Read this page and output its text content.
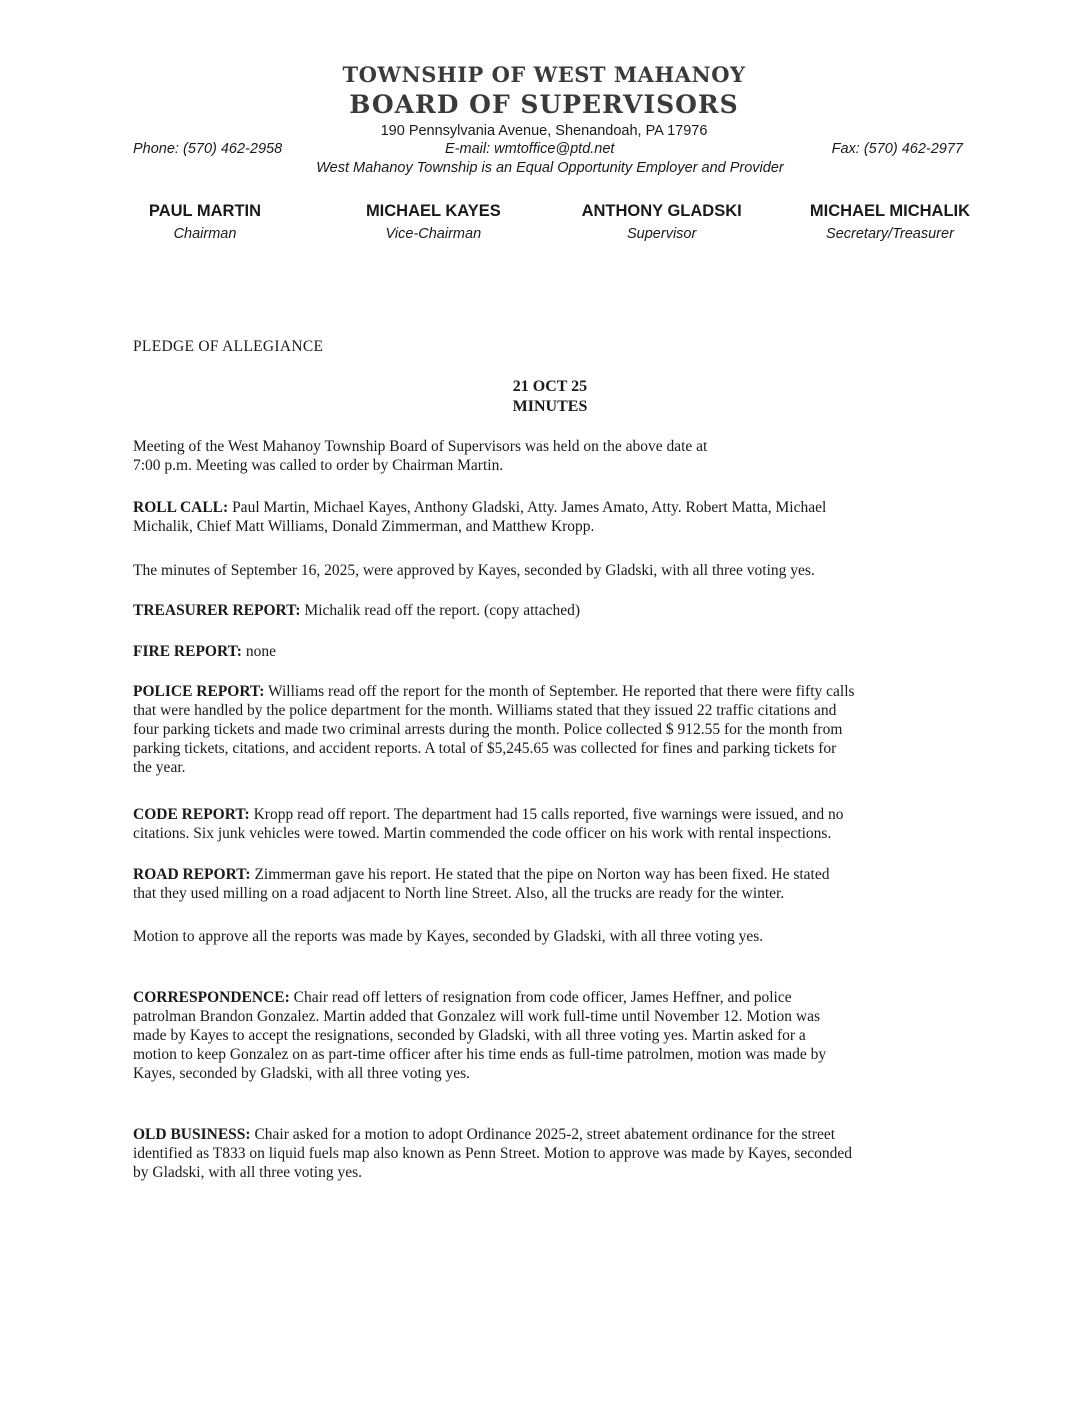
TOWNSHIP OF WEST MAHANOY
BOARD OF SUPERVISORS
190 Pennsylvania Avenue, Shenandoah, PA 17976
Phone: (570) 462-2958	E-mail: wmtoffice@ptd.net	Fax: (570) 462-2977
West Mahanoy Township is an Equal Opportunity Employer and Provider
PAUL MARTIN
Chairman
MICHAEL KAYES
Vice-Chairman
ANTHONY GLADSKI
Supervisor
MICHAEL MICHALIK
Secretary/Treasurer
PLEDGE OF ALLEGIANCE
21 OCT 25
MINUTES
Meeting of the West Mahanoy Township Board of Supervisors was held on the above date at
7:00 p.m. Meeting was called to order by Chairman Martin.
ROLL CALL: Paul Martin, Michael Kayes, Anthony Gladski, Atty. James Amato, Atty. Robert Matta, Michael
Michalik, Chief Matt Williams, Donald Zimmerman, and Matthew Kropp.
The minutes of September 16, 2025, were approved by Kayes, seconded by Gladski, with all three voting yes.
TREASURER REPORT: Michalik read off the report. (copy attached)
FIRE REPORT: none
POLICE REPORT: Williams read off the report for the month of September. He reported that there were fifty calls
that were handled by the police department for the month. Williams stated that they issued 22 traffic citations and
four parking tickets and made two criminal arrests during the month. Police collected $ 912.55 for the month from
parking tickets, citations, and accident reports. A total of $5,245.65 was collected for fines and parking tickets for
the year.
CODE REPORT: Kropp read off report. The department had 15 calls reported, five warnings were issued, and no
citations. Six junk vehicles were towed. Martin commended the code officer on his work with rental inspections.
ROAD REPORT: Zimmerman gave his report. He stated that the pipe on Norton way has been fixed. He stated
that they used milling on a road adjacent to North line Street. Also, all the trucks are ready for the winter.
Motion to approve all the reports was made by Kayes, seconded by Gladski, with all three voting yes.
CORRESPONDENCE: Chair read off letters of resignation from code officer, James Heffner, and police
patrolman Brandon Gonzalez. Martin added that Gonzalez will work full-time until November 12. Motion was
made by Kayes to accept the resignations, seconded by Gladski, with all three voting yes. Martin asked for a
motion to keep Gonzalez on as part-time officer after his time ends as full-time patrolmen, motion was made by
Kayes, seconded by Gladski, with all three voting yes.
OLD BUSINESS: Chair asked for a motion to adopt Ordinance 2025-2, street abatement ordinance for the street
identified as T833 on liquid fuels map also known as Penn Street. Motion to approve was made by Kayes, seconded
by Gladski, with all three voting yes.
